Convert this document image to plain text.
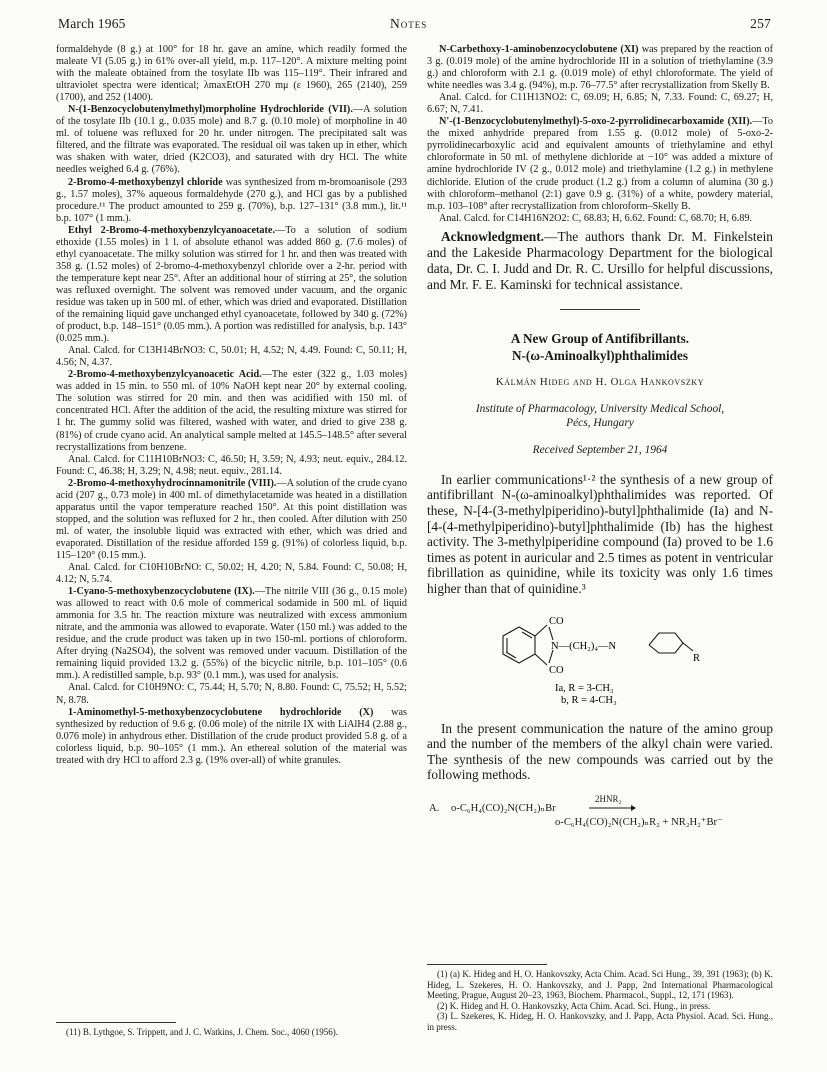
March 1965	Notes	257

formaldehyde (8 g.) at 100° for 18 hr. gave an amine, which readily formed the maleate VI (5.05 g.) in 61% over-all yield, m.p. 117–120°. A mixture melting point with the maleate obtained from the tosylate IIb was 115–119°. Their infrared and ultraviolet spectra were identical; λmaxEtOH 270 mμ (ε 1960), 265 (2140), 259 (1700), and 252 (1400).

N-(1-Benzocyclobutenylmethyl)morpholine Hydrochloride (VII).—A solution of the tosylate IIb (10.1 g., 0.035 mole) and 8.7 g. (0.10 mole) of morpholine in 40 ml. of toluene was refluxed for 20 hr. under nitrogen. The precipitated salt was filtered, and the filtrate was evaporated. The residual oil was taken up in ether, which was shaken with water, dried (K2CO3), and saturated with dry HCl. The white needles weighed 6.4 g. (76%).

2-Bromo-4-methoxybenzyl chloride was synthesized from m-bromoanisole (293 g., 1.57 moles), 37% aqueous formaldehyde (270 g.), and HCl gas by a published procedure.¹¹ The product amounted to 259 g. (70%), b.p. 127–131° (3.8 mm.), lit.¹¹ b.p. 107° (1 mm.).

Ethyl 2-Bromo-4-methoxybenzylcyanoacetate.—To a solution of sodium ethoxide (1.55 moles) in 1 l. of absolute ethanol was added 860 g. (7.6 moles) of ethyl cyanoacetate. The milky solution was stirred for 1 hr. and then was treated with 358 g. (1.52 moles) of 2-bromo-4-methoxybenzyl chloride over a 2-hr. period with the temperature kept near 25°. After an additional hour of stirring at 25°, the solution was refluxed overnight. The solvent was removed under vacuum, and the organic residue was taken up in 500 ml. of ether, which was dried and evaporated. Distillation of the remaining liquid gave unchanged ethyl cyanoacetate, followed by 340 g. (72%) of product, b.p. 148–151° (0.05 mm.). A portion was redistilled for analysis, b.p. 143° (0.025 mm.).

Anal. Calcd. for C13H14BrNO3: C, 50.01; H, 4.52; N, 4.49. Found: C, 50.11; H, 4.56; N, 4.37.

2-Bromo-4-methoxybenzylcyanoacetic Acid.—The ester (322 g., 1.03 moles) was added in 15 min. to 550 ml. of 10% NaOH kept near 20° by external cooling. The solution was stirred for 20 min. and then was acidified with 150 ml. of concentrated HCl. After the addition of the acid, the resulting mixture was stirred for 1 hr. The gummy solid was filtered, washed with water, and dried to give 238 g. (81%) of crude cyano acid. An analytical sample melted at 145.5–148.5° after several recrystallizations from benzene.

Anal. Calcd. for C11H10BrNO3: C, 46.50; H, 3.59; N, 4.93; neut. equiv., 284.12. Found: C, 46.38; H, 3.29; N, 4.98; neut. equiv., 281.14.

2-Bromo-4-methoxyhydrocinnamonitrile (VIII).—A solution of the crude cyano acid (207 g., 0.73 mole) in 400 ml. of dimethylacetamide was heated in a distillation apparatus until the vapor temperature reached 150°. At this point distillation was stopped, and the solution was refluxed for 2 hr., then cooled. After dilution with 250 ml. of water, the insoluble liquid was extracted with ether, which was dried and evaporated. Distillation of the residue afforded 159 g. (91%) of colorless liquid, b.p. 115–120° (0.15 mm.).

Anal. Calcd. for C10H10BrNO: C, 50.02; H, 4.20; N, 5.84. Found: C, 50.08; H, 4.12; N, 5.74.

1-Cyano-5-methoxybenzocyclobutene (IX).—The nitrile VIII (36 g., 0.15 mole) was allowed to react with 0.6 mole of commerical sodamide in 500 ml. of liquid ammonia for 3.5 hr. The reaction mixture was neutralized with excess ammonium nitrate, and the ammonia was allowed to evaporate. Water (150 ml.) was added to the residue, and the crude product was taken up in two 150-ml. portions of chloroform. After drying (Na2SO4), the solvent was removed under vacuum. Distillation of the remaining liquid provided 13.2 g. (55%) of the bicyclic nitrile, b.p. 101–105° (0.6 mm.). A redistilled sample, b.p. 93° (0.1 mm.), was used for analysis.

Anal. Calcd. for C10H9NO: C, 75.44; H, 5.70; N, 8.80. Found: C, 75.52; H, 5.52; N, 8.78.

1-Aminomethyl-5-methoxybenzocyclobutene hydrochloride (X) was synthesized by reduction of 9.6 g. (0.06 mole) of the nitrile IX with LiAlH4 (2.88 g., 0.076 mole) in anhydrous ether. Distillation of the crude product provided 5.8 g. of a colorless liquid, b.p. 90–105° (1 mm.). An ethereal solution of the material was treated with dry HCl to afford 2.3 g. (19% over-all) of white granules.

N-Carbethoxy-1-aminobenzocyclobutene (XI) was prepared by the reaction of 3 g. (0.019 mole) of the amine hydrochloride III in a solution of triethylamine (3.9 g.) and chloroform with 2.1 g. (0.019 mole) of ethyl chloroformate. The yield of white needles was 3.4 g. (94%), m.p. 76–77.5° after recrystallization from Skelly B.

Anal. Calcd. for C11H13NO2: C, 69.09; H, 6.85; N, 7.33. Found: C, 69.27; H, 6.67; N, 7.41.

N'-(1-Benzocyclobutenylmethyl)-5-oxo-2-pyrrolidinecarboxamide (XII).—To the mixed anhydride prepared from 1.55 g. (0.012 mole) of 5-oxo-2-pyrrolidinecarboxylic acid and equivalent amounts of triethylamine and ethyl chloroformate in 50 ml. of methylene dichloride at −10° was added a mixture of amine hydrochloride IV (2 g., 0.012 mole) and triethylamine (1.2 g.) in methylene dichloride. Elution of the crude product (1.2 g.) from a column of alumina (30 g.) with chloroform–methanol (2:1) gave 0.9 g. (31%) of a white, powdery material, m.p. 103–108° after recrystallization from chloroform–Skelly B.

Anal. Calcd. for C14H16N2O2: C, 68.83; H, 6.62. Found: C, 68.70; H, 6.89.

Acknowledgment.—The authors thank Dr. M. Finkelstein and the Lakeside Pharmacology Department for the biological data, Dr. C. I. Judd and Dr. R. C. Ursillo for helpful discussions, and Mr. F. E. Kaminski for technical assistance.

A New Group of Antifibrillants.
N-(ω-Aminoalkyl)phthalimides
Kálmán Hideg and H. Olga Hankovszky
Institute of Pharmacology, University Medical School,
Pécs, Hungary
Received September 21, 1964

In earlier communications¹·² the synthesis of a new group of antifibrillant N-(ω-aminoalkyl)phthalimides was reported. Of these, N-[4-(3-methylpiperidino)-butyl]phthalimide (Ia) and N-[4-(4-methylpiperidino)-butyl]phthalimide (Ib) has the highest activity. The 3-methylpiperidine compound (Ia) proved to be 1.6 times as potent in auricular and 2.5 times as potent in ventricular fibrillation as quinidine, while its toxicity was only 1.6 times higher than that of quinidine.³

CO
CO
N—(CH₂)₄—N
R
Ia, R = 3-CH₃
b, R = 4-CH₃

In the present communication the nature of the amino group and the number of the members of the alkyl chain were varied. The synthesis of the new compounds was carried out by the following methods.

A. o-C₆H₄(CO)₂N(CH₂)ₙBr
2HNR₂
o-C₆H₄(CO)₂N(CH₂)ₙR₂ + NR₂H₂⁺Br⁻

(1) (a) K. Hideg and H. O. Hankovszky, Acta Chim. Acad. Sci Hung., 39, 391 (1963); (b) K. Hideg, L. Szekeres, H. O. Hankovszky, and J. Papp, 2nd International Pharmacological Meeting, Prague, August 20–23, 1963, Biochem. Pharmacol., Suppl., 12, 171 (1963).

(2) K. Hideg and H. O. Hankovszky, Acta Chim. Acad. Sci. Hung., in press.

(3) L. Szekeres, K. Hideg, H. O. Hankovszky, and J. Papp, Acta Physiol. Acad. Sci. Hung., in press.

(11) B. Lythgoe, S. Trippett, and J. C. Watkins, J. Chem. Soc., 4060 (1956).
